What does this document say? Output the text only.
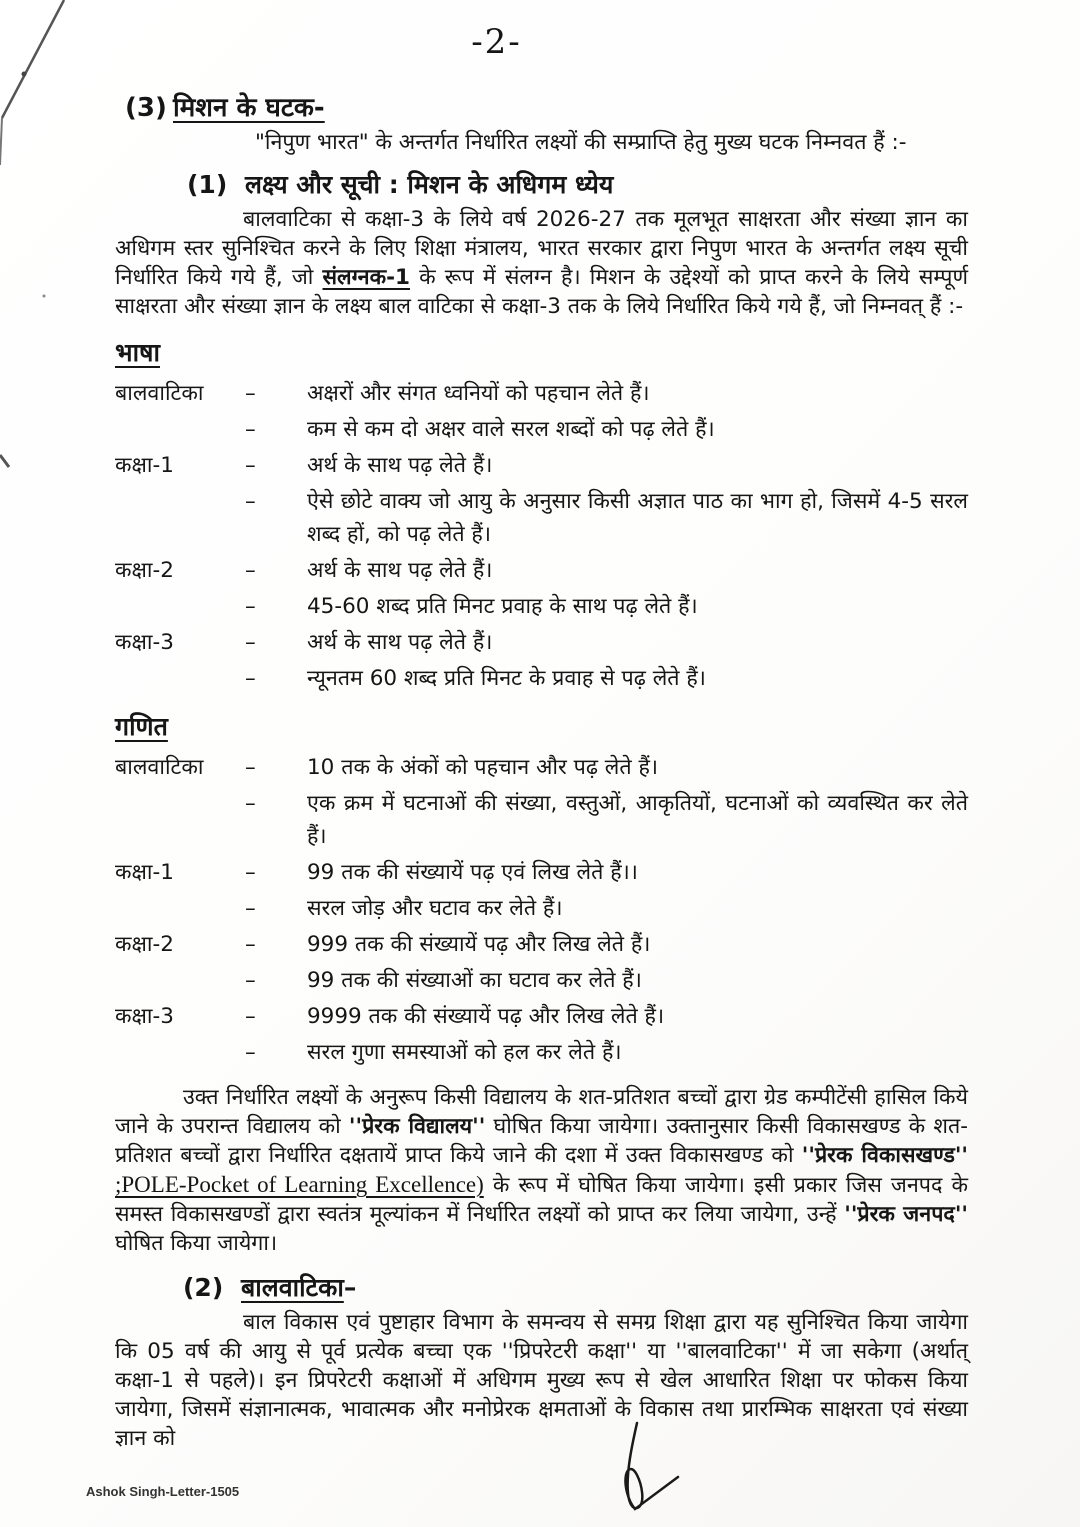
-2-
(3) मिशन के घटक-

"निपुण भारत" के अन्तर्गत निर्धारित लक्ष्यों की सम्प्राप्ति हेतु मुख्य घटक निम्नवत हैं :-

(1) लक्ष्य और सूची : मिशन के अधिगम ध्येय

बालवाटिका से कक्षा-3 के लिये वर्ष 2026-27 तक मूलभूत साक्षरता और संख्या ज्ञान का अधिगम स्तर सुनिश्चित करने के लिए शिक्षा मंत्रालय, भारत सरकार द्वारा निपुण भारत के अन्तर्गत लक्ष्य सूची निर्धारित किये गये हैं, जो संलग्नक-1 के रूप में संलग्न है। मिशन के उद्देश्यों को प्राप्त करने के लिये सम्पूर्ण साक्षरता और संख्या ज्ञान के लक्ष्य बाल वाटिका से कक्षा-3 तक के लिये निर्धारित किये गये हैं, जो निम्नवत् हैं :-

भाषा
बालवाटिका	–	अक्षरों और संगत ध्वनियों को पहचान लेते हैं।
–	कम से कम दो अक्षर वाले सरल शब्दों को पढ़ लेते हैं।
कक्षा-1	–	अर्थ के साथ पढ़ लेते हैं।
–	ऐसे छोटे वाक्य जो आयु के अनुसार किसी अज्ञात पाठ का भाग हो, जिसमें 4-5 सरल शब्द हों, को पढ़ लेते हैं।
कक्षा-2	–	अर्थ के साथ पढ़ लेते हैं।
–	45-60 शब्द प्रति मिनट प्रवाह के साथ पढ़ लेते हैं।
कक्षा-3	–	अर्थ के साथ पढ़ लेते हैं।
–	न्यूनतम 60 शब्द प्रति मिनट के प्रवाह से पढ़ लेते हैं।
गणित
बालवाटिका	–	10 तक के अंकों को पहचान और पढ़ लेते हैं।
–	एक क्रम में घटनाओं की संख्या, वस्तुओं, आकृतियों, घटनाओं को व्यवस्थित कर लेते हैं।
कक्षा-1	–	99 तक की संख्यायें पढ़ एवं लिख लेते हैं।।
–	सरल जोड़ और घटाव कर लेते हैं।
कक्षा-2	–	999 तक की संख्यायें पढ़ और लिख लेते हैं।
–	99 तक की संख्याओं का घटाव कर लेते हैं।
कक्षा-3	–	9999 तक की संख्यायें पढ़ और लिख लेते हैं।
–	सरल गुणा समस्याओं को हल कर लेते हैं।

उक्त निर्धारित लक्ष्यों के अनुरूप किसी विद्यालय के शत-प्रतिशत बच्चों द्वारा ग्रेड कम्पीटेंसी हासिल किये जाने के उपरान्त विद्यालय को ''प्रेरक विद्यालय'' घोषित किया जायेगा। उक्तानुसार किसी विकासखण्ड के शत-प्रतिशत बच्चों द्वारा निर्धारित दक्षतायें प्राप्त किये जाने की दशा में उक्त विकासखण्ड को ''प्रेरक विकासखण्ड'' ;POLE-Pocket of Learning Excellence) के रूप में घोषित किया जायेगा। इसी प्रकार जिस जनपद के समस्त विकासखण्डों द्वारा स्वतंत्र मूल्यांकन में निर्धारित लक्ष्यों को प्राप्त कर लिया जायेगा, उन्हें ''प्रेरक जनपद'' घोषित किया जायेगा।

(2) बालवाटिका –

बाल विकास एवं पुष्टाहार विभाग के समन्वय से समग्र शिक्षा द्वारा यह सुनिश्चित किया जायेगा कि 05 वर्ष की आयु से पूर्व प्रत्येक बच्चा एक ''प्रिपरेटरी कक्षा'' या ''बालवाटिका'' में जा सकेगा (अर्थात् कक्षा-1 से पहले)। इन प्रिपरेटरी कक्षाओं में अधिगम मुख्य रूप से खेल आधारित शिक्षा पर फोकस किया जायेगा, जिसमें संज्ञानात्मक, भावात्मक और मनोप्रेरक क्षमताओं के विकास तथा प्रारम्भिक साक्षरता एवं संख्या ज्ञान को

Ashok Singh-Letter-1505
